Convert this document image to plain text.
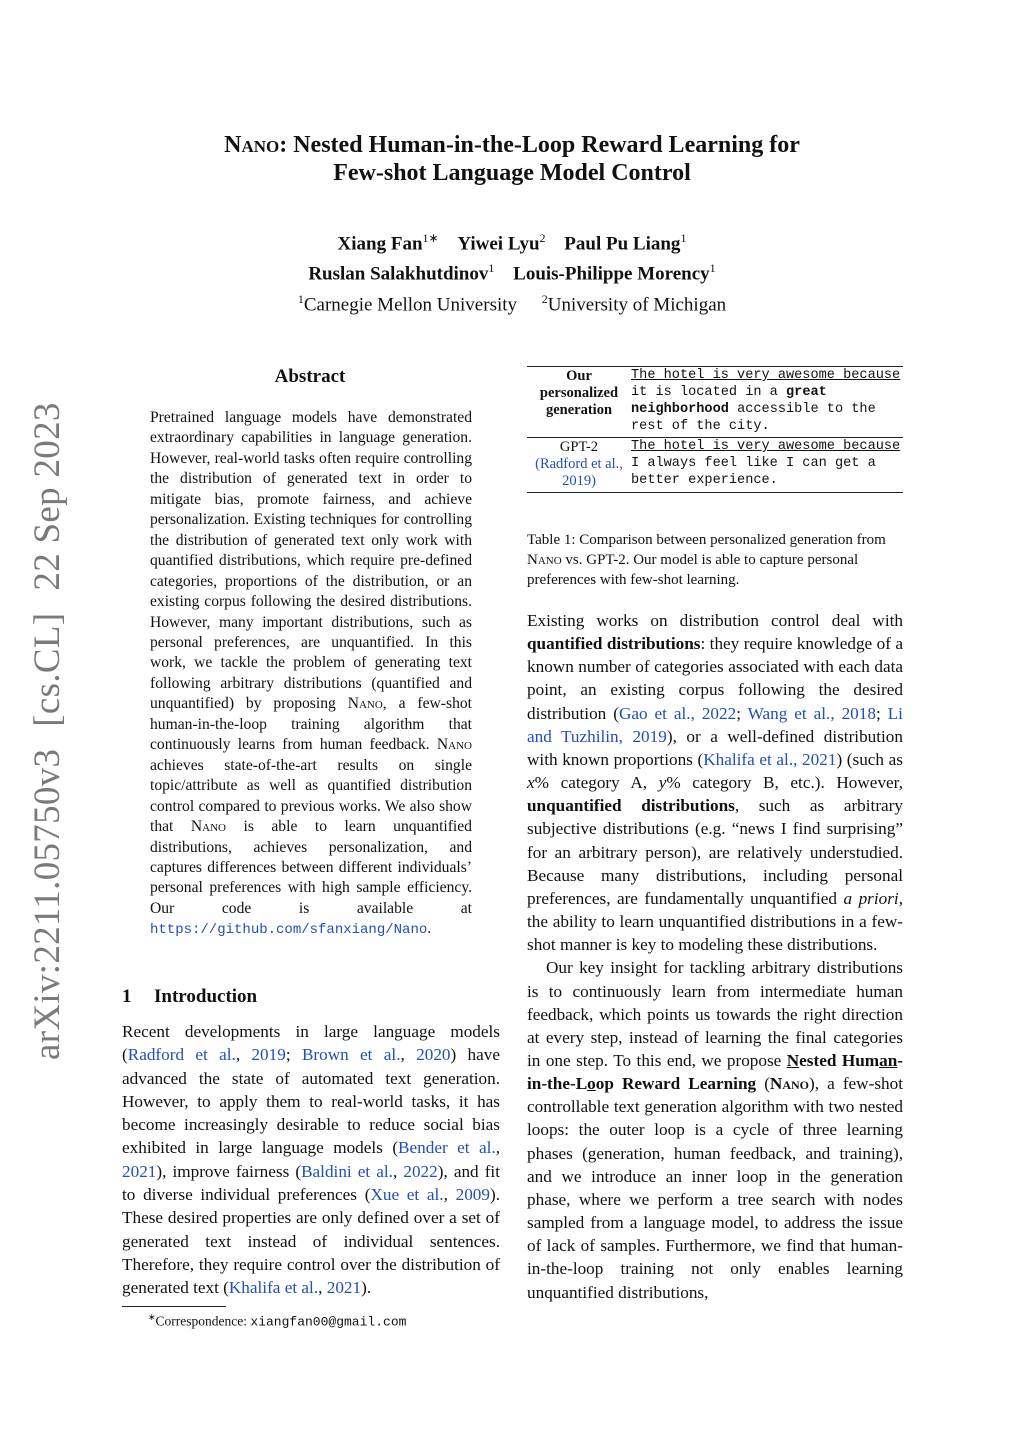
arXiv:2211.05750v3[cs.CL]22 Sep 2023
Nano: Nested Human-in-the-Loop Reward Learning for
Few-shot Language Model Control
Xiang Fan$^{1∗}$ Yiwei Lyu$^2$ Paul Pu Liang$^1$
Ruslan Salakhutdinov$^1$ Louis-Philippe Morency$^1$
$^1$Carnegie Mellon University $^2$University of Michigan
Abstract
Pretrained language models have demonstrated extraordinary capabilities in language generation. However, real-world tasks often require controlling the distribution of generated text in order to mitigate bias, promote fairness, and achieve personalization. Existing techniques for controlling the distribution of generated text only work with quantified distributions, which require pre-defined categories, proportions of the distribution, or an existing corpus following the desired distributions. However, many important distributions, such as personal preferences, are unquantified. In this work, we tackle the problem of generating text following arbitrary distributions (quantified and unquantified) by proposing Nano, a few-shot human-in-the-loop training algorithm that continuously learns from human feedback. Nano achieves state-of-the-art results on single topic/attribute as well as quantified distribution control compared to previous works. We also show that Nano is able to learn unquantified distributions, achieves personalization, and captures differences between different individuals’ personal preferences with high sample efficiency. Our code is available at https://github.com/sfanxiang/Nano.
1 Introduction
Recent developments in large language models (Radford et al., 2019; Brown et al., 2020) have advanced the state of automated text generation. However, to apply them to real-world tasks, it has become increasingly desirable to reduce social bias exhibited in large language models (Bender et al., 2021), improve fairness (Baldini et al., 2022), and fit to diverse individual preferences (Xue et al., 2009). These desired properties are only defined over a set of generated text instead of individual sentences. Therefore, they require control over the distribution of generated text (Khalifa et al., 2021).
∗Correspondence: xiangfan00@gmail.com
Our personalized generation
The hotel is very awesome because it is located in a great neighborhood accessible to the rest of the city.
GPT-2
(Radford et al., 2019)
The hotel is very awesome because I always feel like I can get a better experience.
Table 1: Comparison between personalized generation from Nano vs. GPT-2. Our model is able to capture personal preferences with few-shot learning.

Existing works on distribution control deal with quantified distributions: they require knowledge of a known number of categories associated with each data point, an existing corpus following the desired distribution (Gao et al., 2022; Wang et al., 2018; Li and Tuzhilin, 2019), or a well-defined distribution with known proportions (Khalifa et al., 2021) (such as x% category A, y% category B, etc.). However, unquantified distributions, such as arbitrary subjective distributions (e.g. “news I find surprising” for an arbitrary person), are relatively understudied. Because many distributions, including personal preferences, are fundamentally unquantified a priori, the ability to learn unquantified distributions in a few-shot manner is key to modeling these distributions.

Our key insight for tackling arbitrary distributions is to continuously learn from intermediate human feedback, which points us towards the right direction at every step, instead of learning the final categories in one step. To this end, we propose Nested Human-in-the-Loop Reward Learning (Nano), a few-shot controllable text generation algorithm with two nested loops: the outer loop is a cycle of three learning phases (generation, human feedback, and training), and we introduce an inner loop in the generation phase, where we perform a tree search with nodes sampled from a language model, to address the issue of lack of samples. Furthermore, we find that human-in-the-loop training not only enables learning unquantified distributions,
